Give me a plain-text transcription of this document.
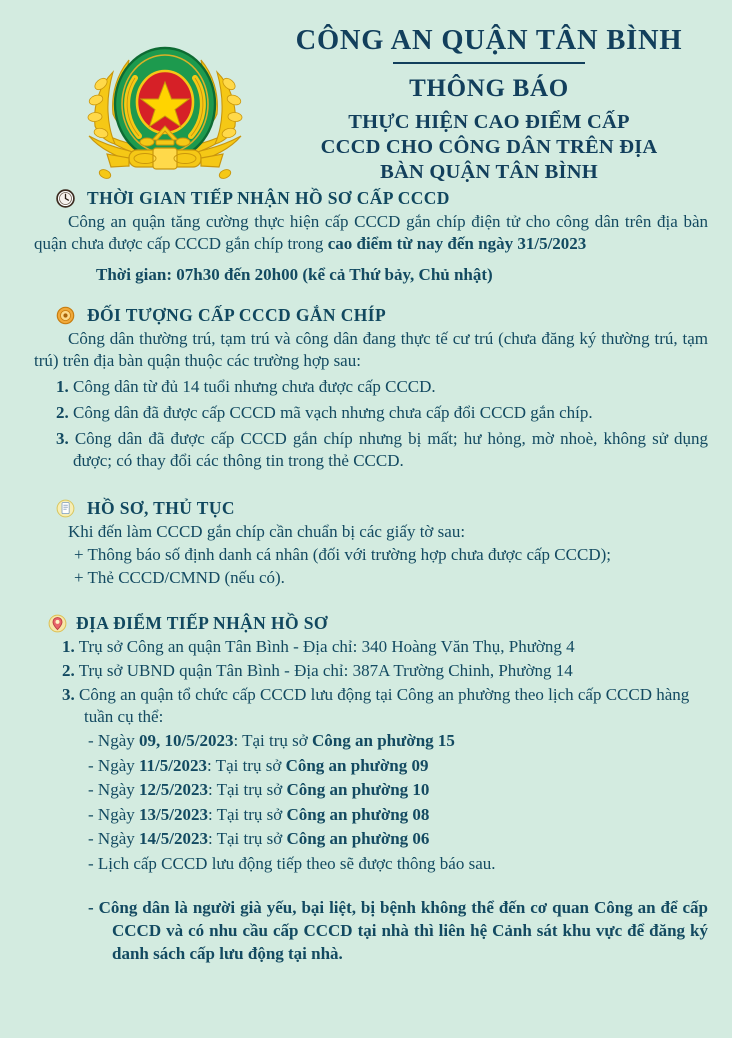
CÔNG AN QUẬN TÂN BÌNH
THÔNG BÁO
THỰC HIỆN CAO ĐIỂM CẤP
CCCD CHO CÔNG DÂN TRÊN ĐỊA
BÀN QUẬN TÂN BÌNH
THỜI GIAN TIẾP NHẬN HỒ SƠ CẤP CCCD
Công an quận tăng cường thực hiện cấp CCCD gắn chíp điện tử cho công dân trên địa bàn quận chưa được cấp CCCD gắn chíp trong cao điểm từ nay đến ngày 31/5/2023
Thời gian: 07h30 đến 20h00 (kể cả Thứ bảy, Chủ nhật)
ĐỐI TƯỢNG CẤP CCCD GẮN CHÍP
Công dân thường trú, tạm trú và công dân đang thực tế cư trú (chưa đăng ký thường trú, tạm trú) trên địa bàn quận thuộc các trường hợp sau:
1. Công dân từ đủ 14 tuổi nhưng chưa được cấp CCCD.
2. Công dân đã được cấp CCCD mã vạch nhưng chưa cấp đổi CCCD gắn chíp.
3. Công dân đã được cấp CCCD gắn chíp nhưng bị mất; hư hỏng, mờ nhoè, không sử dụng được; có thay đổi các thông tin trong thẻ CCCD.
HỒ SƠ, THỦ TỤC
Khi đến làm CCCD gắn chíp cần chuẩn bị các giấy tờ sau:
+ Thông báo số định danh cá nhân (đối với trường hợp chưa được cấp CCCD);
+ Thẻ CCCD/CMND (nếu có).
ĐỊA ĐIỂM TIẾP NHẬN HỒ SƠ
1. Trụ sở Công an quận Tân Bình - Địa chỉ: 340 Hoàng Văn Thụ, Phường 4
2. Trụ sở UBND quận Tân Bình - Địa chỉ: 387A Trường Chinh, Phường 14
3. Công an quận tổ chức cấp CCCD lưu động tại Công an phường theo lịch cấp CCCD hàng tuần cụ thể:
- Ngày 09, 10/5/2023: Tại trụ sở Công an phường 15
- Ngày 11/5/2023: Tại trụ sở Công an phường 09
- Ngày 12/5/2023: Tại trụ sở Công an phường 10
- Ngày 13/5/2023: Tại trụ sở Công an phường 08
- Ngày 14/5/2023: Tại trụ sở Công an phường 06
- Lịch cấp CCCD lưu động tiếp theo sẽ được thông báo sau.
- Công dân là người già yếu, bại liệt, bị bệnh không thể đến cơ quan Công an để cấp CCCD và có nhu cầu cấp CCCD tại nhà thì liên hệ Cảnh sát khu vực để đăng ký danh sách cấp lưu động tại nhà.
